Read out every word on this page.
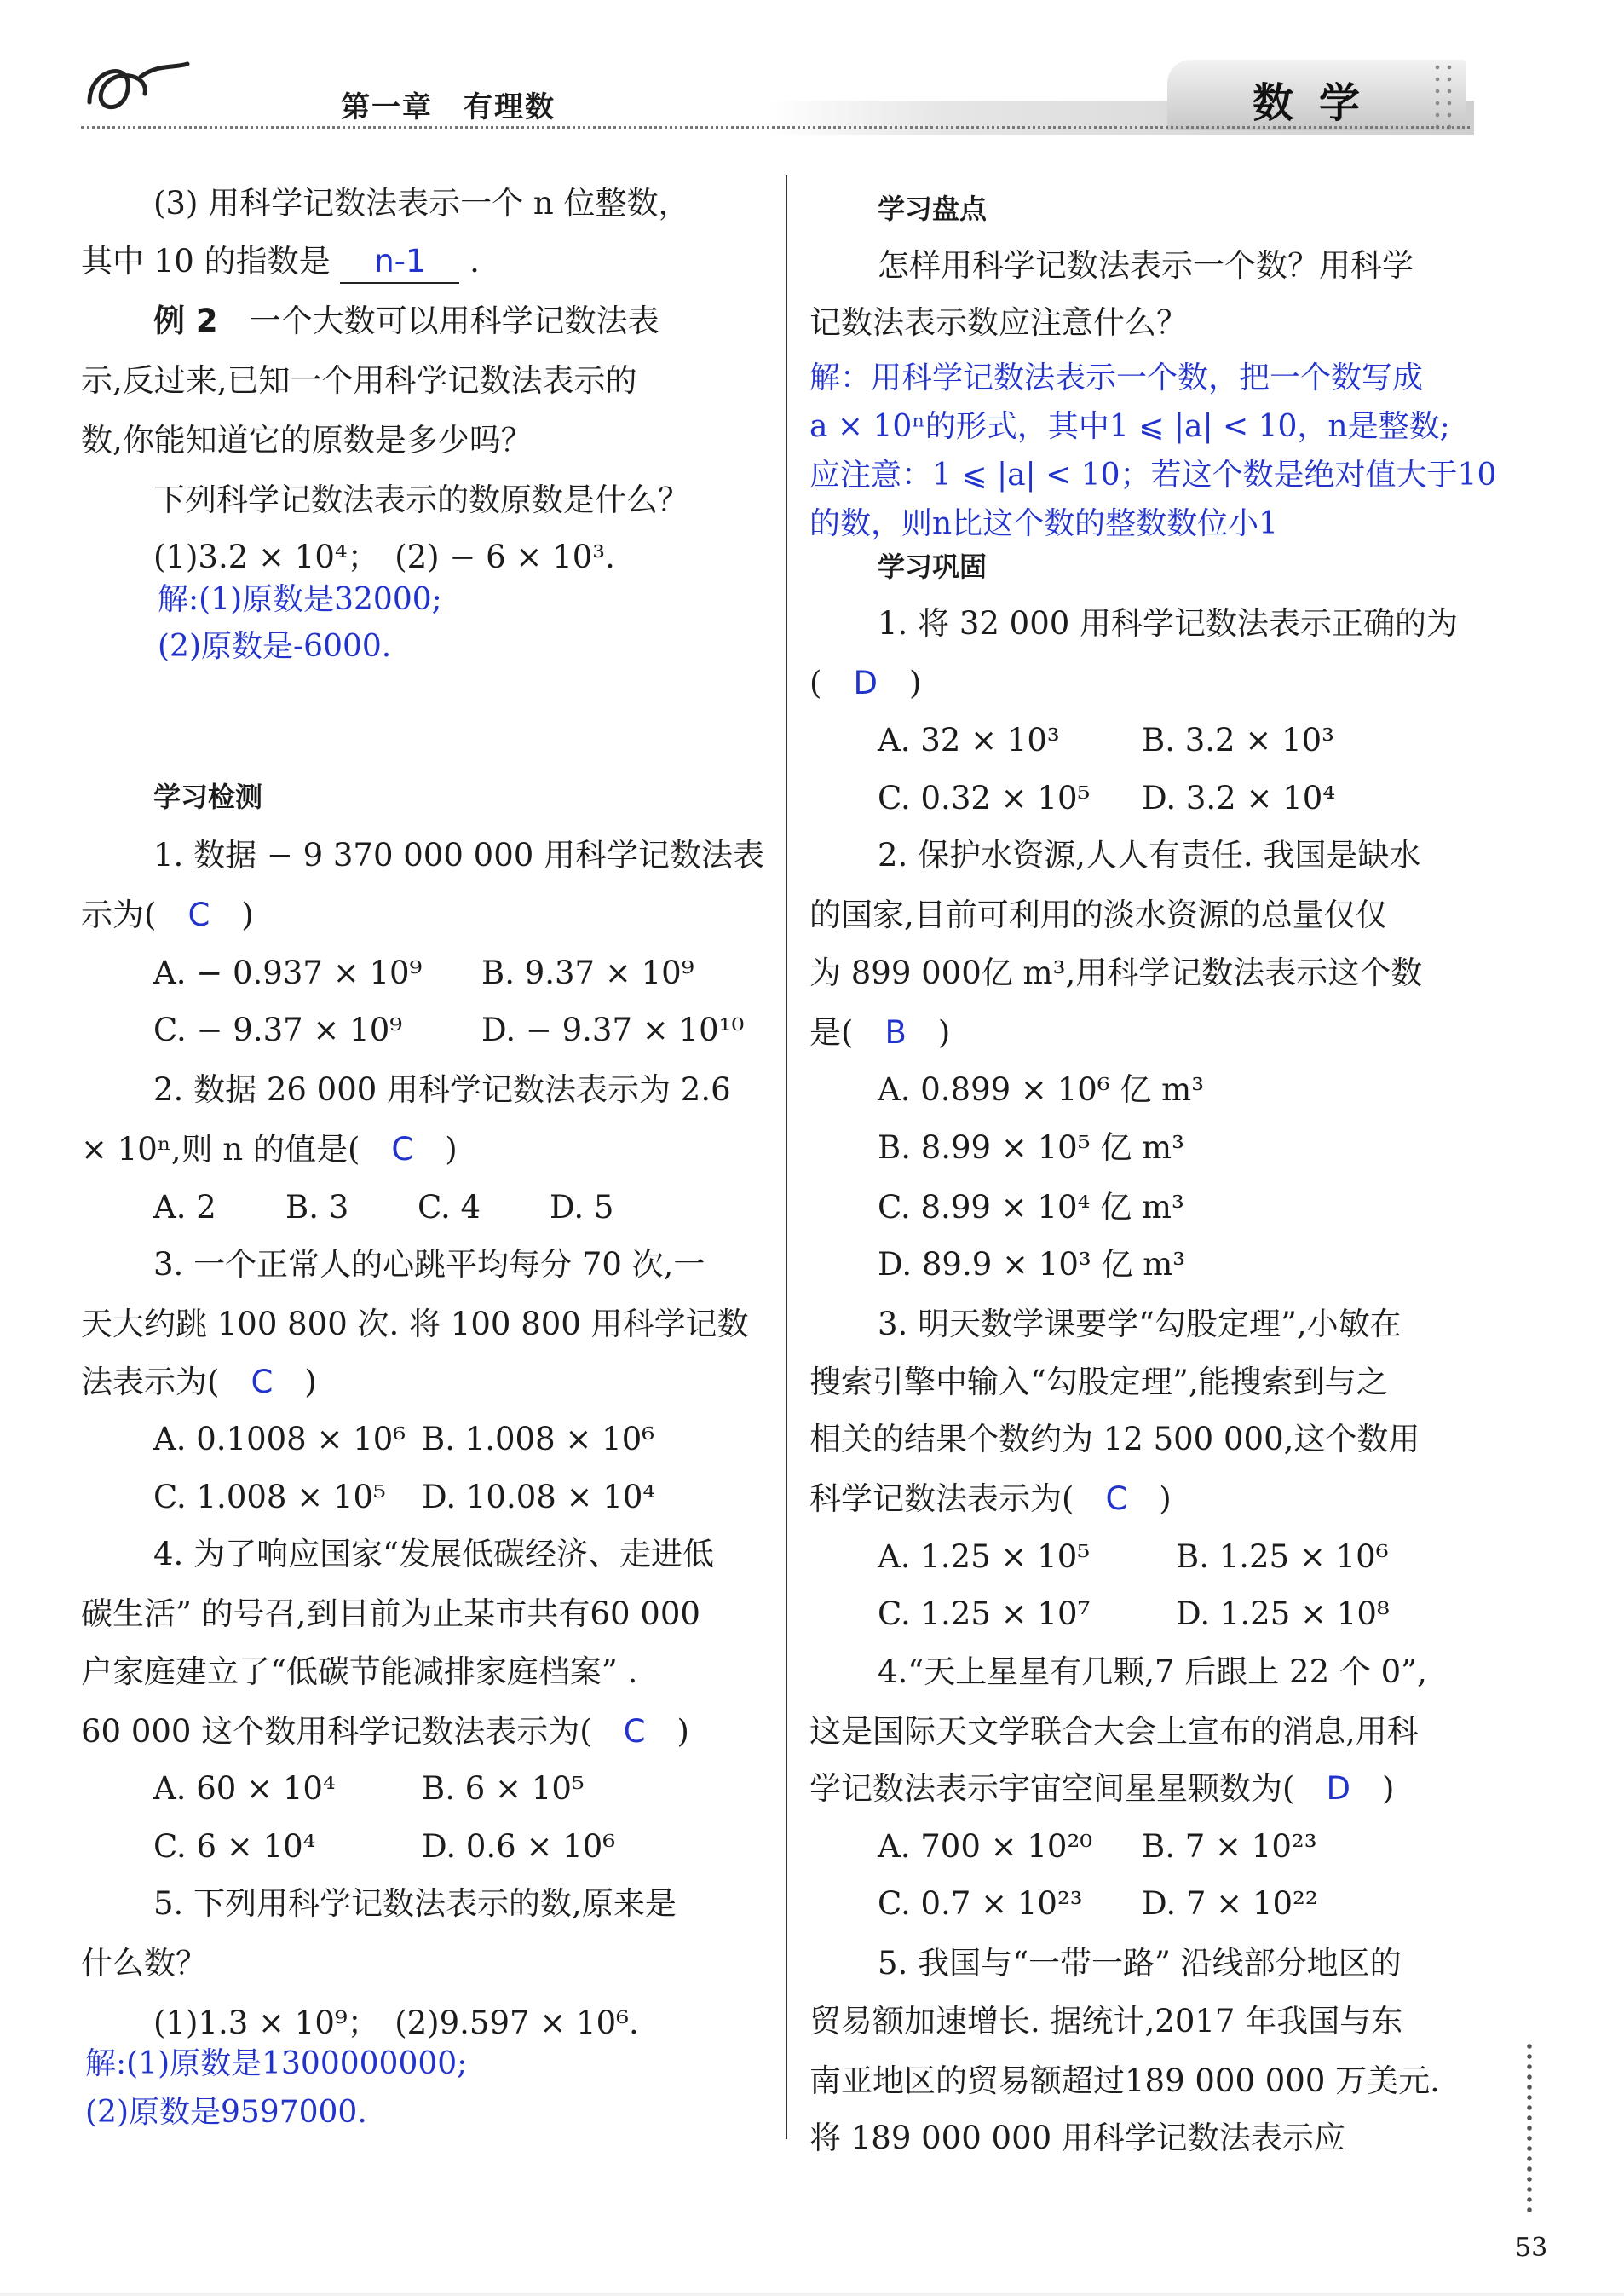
第一章　有理数	数学
(3) 用科学记数法表示一个 n 位整数，
其中 10 的指数是 n-1 .
例 2　一个大数可以用科学记数法表
示,反过来,已知一个用科学记数法表示的
数,你能知道它的原数是多少吗？
下列科学记数法表示的数原数是什么？
(1)3.2 × 10⁴；　(2) − 6 × 10³.
解:(1)原数是32000;
(2)原数是-6000.
学习检测
1. 数据 − 9 370 000 000 用科学记数法表
示为(　 C　 )
A. − 0.937 × 10⁹ B. 9.37 × 10⁹
C. − 9.37 × 10⁹	D. − 9.37 × 10¹⁰
2. 数据 26 000 用科学记数法表示为 2.6
× 10ⁿ,则 n 的值是(　 C　 )
A. 2 B. 3 C. 4 D. 5
3. 一个正常人的心跳平均每分 70 次,一
天大约跳 100 800 次. 将 100 800 用科学记数
法表示为(　 C　 )
A. 0.1008 × 10⁶ B. 1.008 × 10⁶
C. 1.008 × 10⁵ D. 10.08 × 10⁴
4. 为了响应国家“发展低碳经济、走进低
碳生活” 的号召,到目前为止某市共有60 000
户家庭建立了“低碳节能减排家庭档案” .
60 000 这个数用科学记数法表示为(　 C　 )
A. 60 × 10⁴	B. 6 × 10⁵
C. 6 × 10⁴	D. 0.6 × 10⁶
5. 下列用科学记数法表示的数,原来是
什么数？
(1)1.3 × 10⁹；　(2)9.597 × 10⁶.
解:(1)原数是1300000000;
(2)原数是9597000.
学习盘点
怎样用科学记数法表示一个数？用科学
记数法表示数应注意什么？
解：用科学记数法表示一个数，把一个数写成
a × 10ⁿ的形式，其中1 ⩽ |a| < 10，n是整数;
应注意：1 ⩽ |a| < 10；若这个数是绝对值大于10
的数，则n比这个数的整数数位小1
学习巩固
1. 将 32 000 用科学记数法表示正确的为
(　 D　 )
A. 32 × 10³	B. 3.2 × 10³
C. 0.32 × 10⁵ D. 3.2 × 10⁴
2. 保护水资源,人人有责任. 我国是缺水
的国家,目前可利用的淡水资源的总量仅仅
为 899 000亿 m³,用科学记数法表示这个数
是(　 B　 )
A. 0.899 × 10⁶ 亿 m³
B. 8.99 × 10⁵ 亿 m³
C. 8.99 × 10⁴ 亿 m³
D. 89.9 × 10³ 亿 m³
3. 明天数学课要学“勾股定理”,小敏在
搜索引擎中输入“勾股定理”,能搜索到与之
相关的结果个数约为 12 500 000,这个数用
科学记数法表示为(　 C　 )
A. 1.25 × 10⁵	B. 1.25 × 10⁶
C. 1.25 × 10⁷	D. 1.25 × 10⁸
4.“天上星星有几颗,7 后跟上 22 个 0”,
这是国际天文学联合大会上宣布的消息,用科
学记数法表示宇宙空间星星颗数为(　 D　 )
A. 700 × 10²⁰ B. 7 × 10²³
C. 0.7 × 10²³ D. 7 × 10²²
5. 我国与“一带一路” 沿线部分地区的
贸易额加速增长. 据统计,2017 年我国与东
南亚地区的贸易额超过189 000 000 万美元.
将 189 000 000 用科学记数法表示应
53
